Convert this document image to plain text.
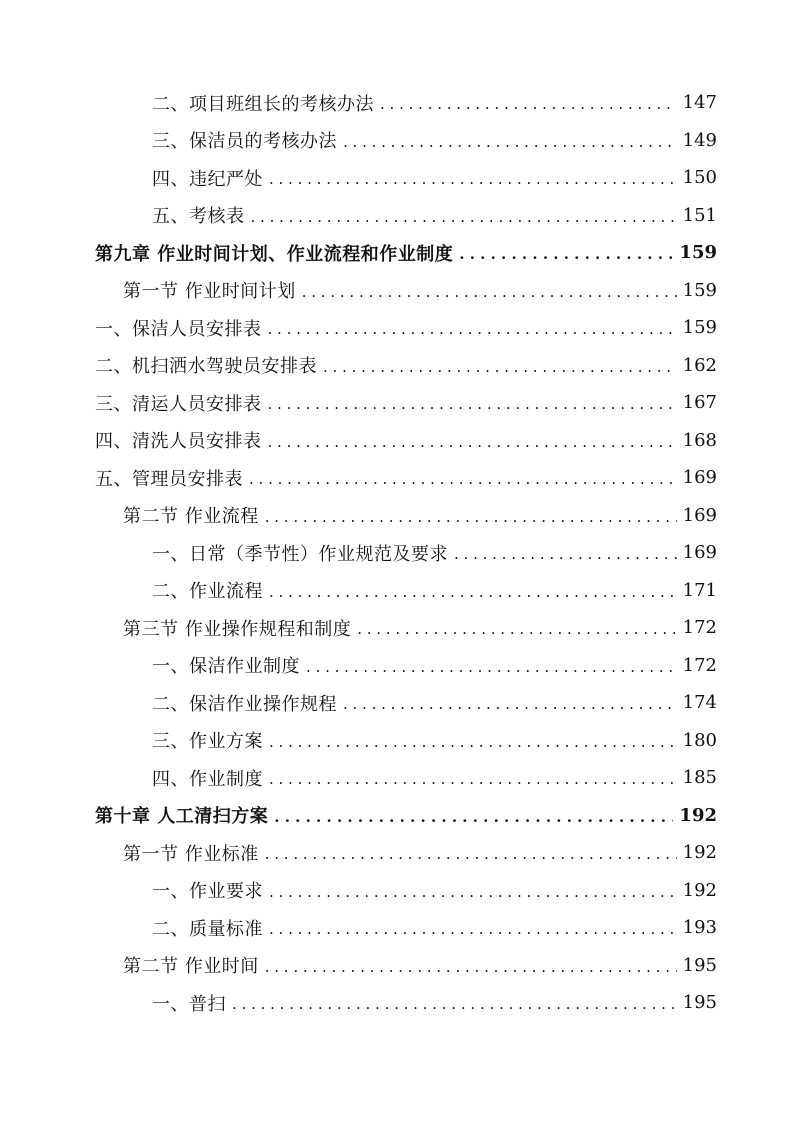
二、项目班组长的考核办法 . . .	147
三、保洁员的考核办法 . . .	149
四、违纪严处 . . .	150
五、考核表 . . .	151
第九章 作业时间计划、作业流程和作业制度 . . .	159
第一节 作业时间计划 . . .	159
一、保洁人员安排表 . . .	159
二、机扫洒水驾驶员安排表 . . .	162
三、清运人员安排表 . . .	167
四、清洗人员安排表 . . .	168
五、管理员安排表 . . .	169
第二节 作业流程 . . .	169
一、日常（季节性）作业规范及要求 . . .	169
二、作业流程 . . .	171
第三节 作业操作规程和制度 . . .	172
一、保洁作业制度 . . .	172
二、保洁作业操作规程 . . .	174
三、作业方案 . . .	180
四、作业制度 . . .	185
第十章 人工清扫方案 . . .	192
第一节 作业标准 . . .	192
一、作业要求 . . .	192
二、质量标准 . . .	193
第二节 作业时间 . . .	195
一、普扫 . . .	195
